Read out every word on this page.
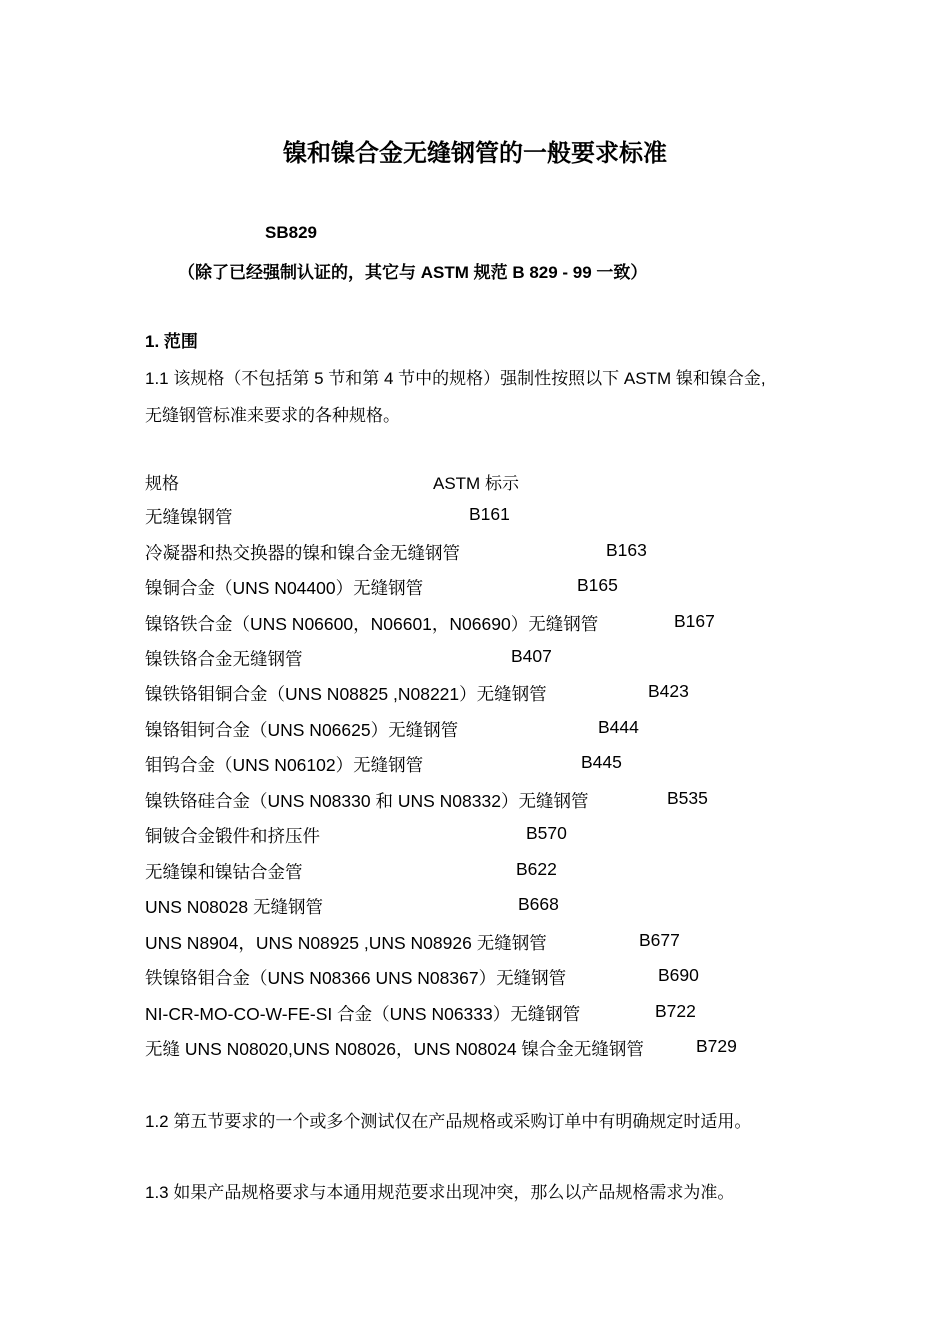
镍和镍合金无缝钢管的一般要求标准
SB829
（除了已经强制认证的，其它与 ASTM 规范 B 829 - 99 一致）
1. 范围
1.1 该规格（不包括第 5 节和第 4 节中的规格）强制性按照以下 ASTM 镍和镍合金,
无缝钢管标准来要求的各种规格。
规格	ASTM 标示
无缝镍钢管	B161
冷凝器和热交换器的镍和镍合金无缝钢管	B163
镍铜合金（UNS N04400）无缝钢管	B165
镍铬铁合金（UNS N06600，N06601，N06690）无缝钢管	B167
镍铁铬合金无缝钢管	B407
镍铁铬钼铜合金（UNS N08825 ,N08221）无缝钢管	B423
镍铬钼钶合金（UNS N06625）无缝钢管	B444
钼钨合金（UNS N06102）无缝钢管	B445
镍铁铬硅合金（UNS N08330 和 UNS N08332）无缝钢管	B535
铜铍合金锻件和挤压件	B570
无缝镍和镍钴合金管	B622
UNS N08028 无缝钢管	B668
UNS N8904，UNS N08925 ,UNS N08926 无缝钢管	B677
铁镍铬钼合金（UNS N08366 UNS N08367）无缝钢管	B690
NI-CR-MO-CO-W-FE-SI 合金（UNS N06333）无缝钢管	B722
无缝 UNS N08020,UNS N08026，UNS N08024 镍合金无缝钢管	B729
1.2 第五节要求的一个或多个测试仅在产品规格或采购订单中有明确规定时适用。
1.3 如果产品规格要求与本通用规范要求出现冲突，那么以产品规格需求为准。
